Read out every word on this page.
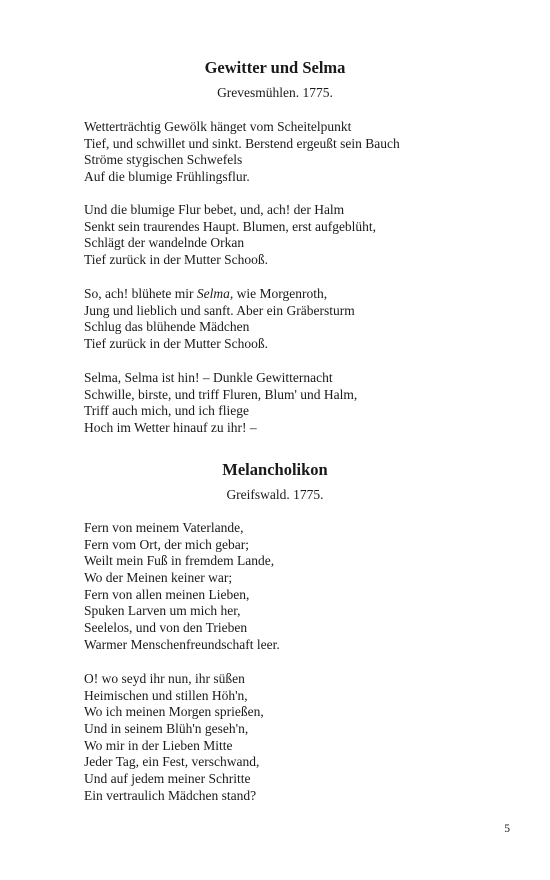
Gewitter und Selma

Grevesmühlen. 1775.

Wetterträchtig Gewölk hänget vom Scheitelpunkt
Tief, und schwillet und sinkt. Berstend ergeußt sein Bauch
Ströme stygischen Schwefels
Auf die blumige Frühlingsflur.
Und die blumige Flur bebet, und, ach! der Halm
Senkt sein traurendes Haupt. Blumen, erst aufgeblüht,
Schlägt der wandelnde Orkan
Tief zurück in der Mutter Schooß.
So, ach! blühete mir Selma, wie Morgenroth,
Jung und lieblich und sanft. Aber ein Gräbersturm
Schlug das blühende Mädchen
Tief zurück in der Mutter Schooß.
Selma, Selma ist hin! – Dunkle Gewitternacht
Schwille, birste, und triff Fluren, Blum' und Halm,
Triff auch mich, und ich fliege
Hoch im Wetter hinauf zu ihr! –
Melancholikon

Greifswald. 1775.

Fern von meinem Vaterlande,
Fern vom Ort, der mich gebar;
Weilt mein Fuß in fremdem Lande,
Wo der Meinen keiner war;
Fern von allen meinen Lieben,
Spuken Larven um mich her,
Seelelos, und von den Trieben
Warmer Menschenfreundschaft leer.
O! wo seyd ihr nun, ihr süßen
Heimischen und stillen Höh'n,
Wo ich meinen Morgen sprießen,
Und in seinem Blüh'n geseh'n,
Wo mir in der Lieben Mitte
Jeder Tag, ein Fest, verschwand,
Und auf jedem meiner Schritte
Ein vertraulich Mädchen stand?
5
